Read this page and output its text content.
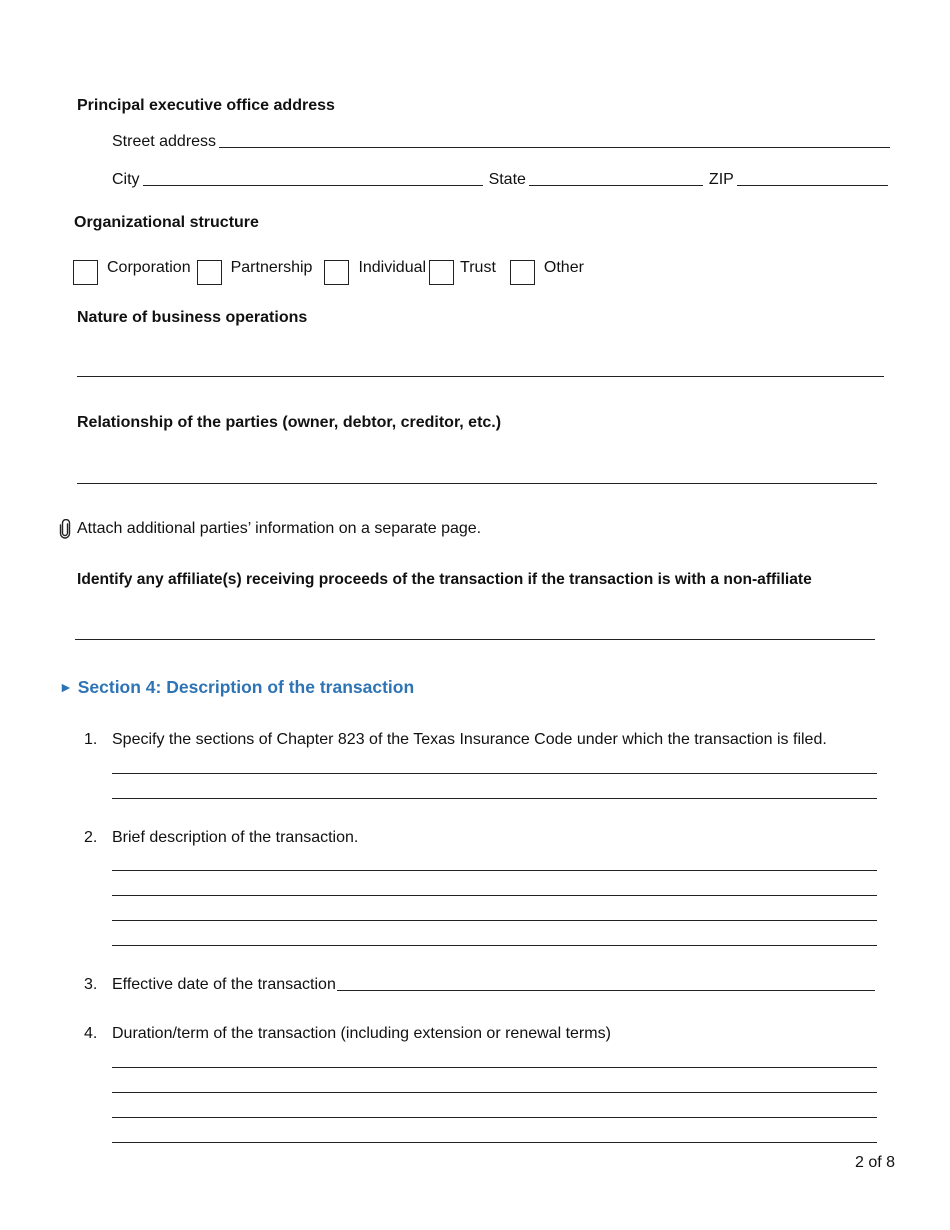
Principal executive office address
Street address
City	State	ZIP
Organizational structure
Corporation	Partnership	Individual Trust	Other
Nature of business operations
Relationship of the parties (owner, debtor, creditor, etc.)
Attach additional parties’ information on a separate page.
Identify any affiliate(s) receiving proceeds of the transaction if the transaction is with a non-affiliate
► Section 4: Description of the transaction
1. Specify the sections of Chapter 823 of the Texas Insurance Code under which the transaction is filed.
2. Brief description of the transaction.
3. Effective date of the transaction
4. Duration/term of the transaction (including extension or renewal terms)
2 of 8
